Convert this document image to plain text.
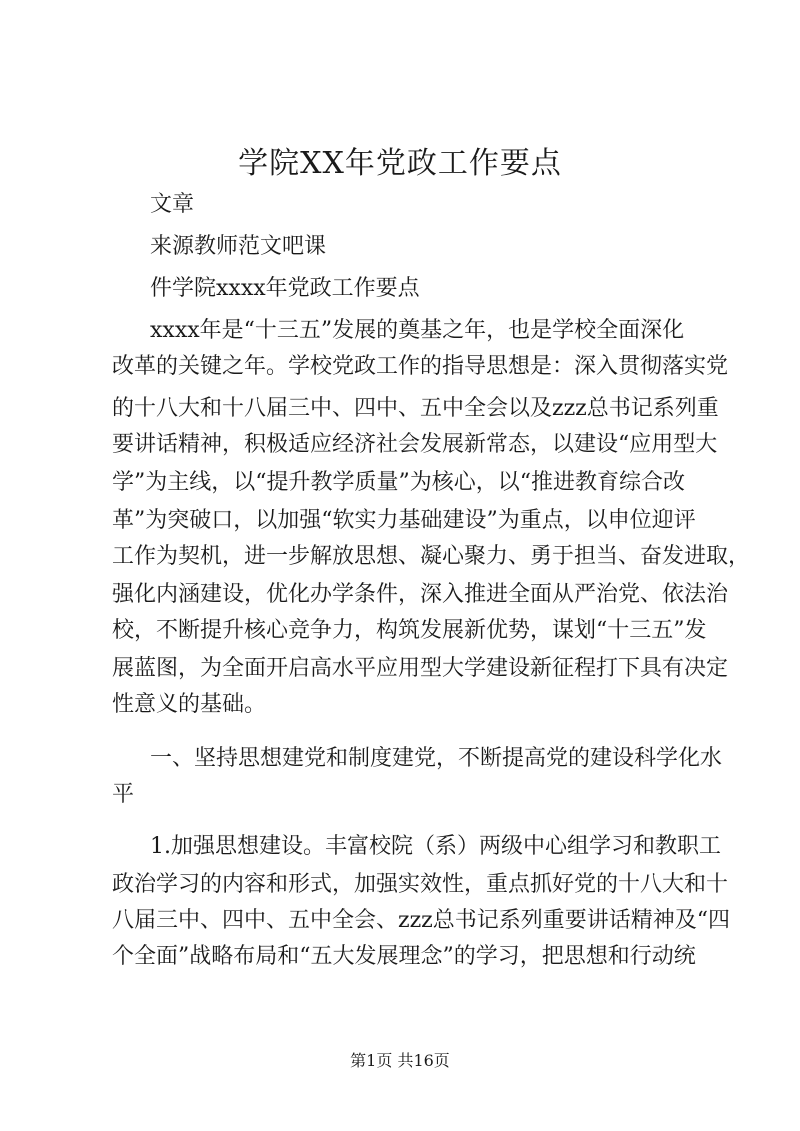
学院XX年党政工作要点
文章
来源教师范文吧课
件学院xxxx年党政工作要点
xxxx年是“十三五”发展的奠基之年，也是学校全面深化
改革的关键之年。学校党政工作的指导思想是：深入贯彻落实党
的十八大和十八届三中、四中、五中全会以及zzz总书记系列重
要讲话精神，积极适应经济社会发展新常态，以建设“应用型大
学”为主线，以“提升教学质量”为核心，以“推进教育综合改
革”为突破口，以加强“软实力基础建设”为重点，以申位迎评
工作为契机，进一步解放思想、凝心聚力、勇于担当、奋发进取，
强化内涵建设，优化办学条件，深入推进全面从严治党、依法治
校，不断提升核心竞争力，构筑发展新优势，谋划“十三五”发
展蓝图，为全面开启高水平应用型大学建设新征程打下具有决定
性意义的基础。
一、坚持思想建党和制度建党，不断提高党的建设科学化水
平
1.加强思想建设。丰富校院（系）两级中心组学习和教职工
政治学习的内容和形式，加强实效性，重点抓好党的十八大和十
八届三中、四中、五中全会、zzz总书记系列重要讲话精神及“四
个全面”战略布局和“五大发展理念”的学习，把思想和行动统
第1页 共16页
